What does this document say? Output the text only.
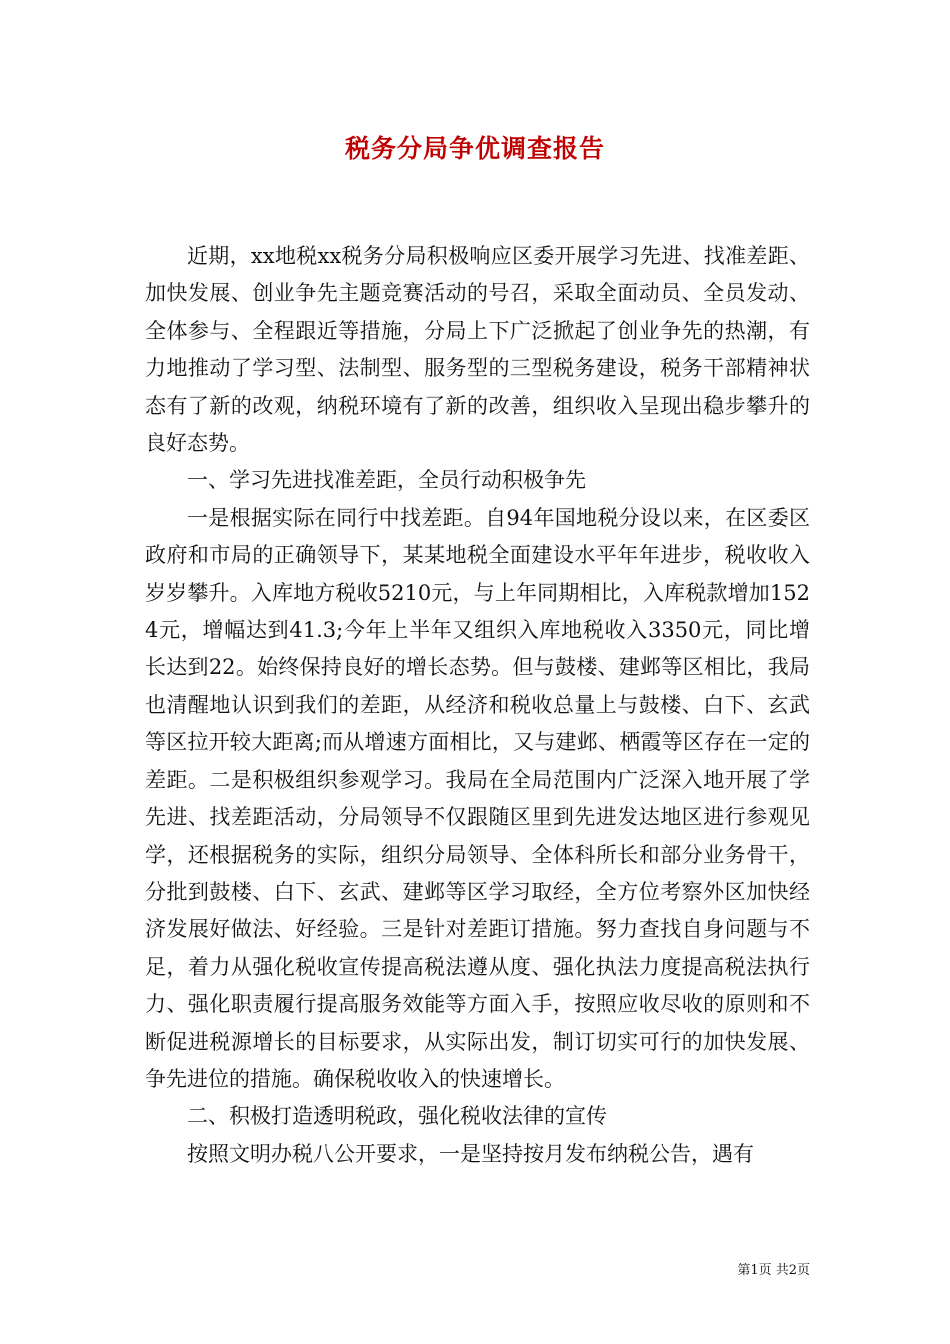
税务分局争优调查报告

近期，xx地税xx税务分局积极响应区委开展学习先进、找准差距、加快发展、创业争先主题竞赛活动的号召，采取全面动员、全员发动、全体参与、全程跟近等措施，分局上下广泛掀起了创业争先的热潮，有力地推动了学习型、法制型、服务型的三型税务建设，税务干部精神状态有了新的改观，纳税环境有了新的改善，组织收入呈现出稳步攀升的良好态势。

一、学习先进找准差距，全员行动积极争先

一是根据实际在同行中找差距。自94年国地税分设以来，在区委区政府和市局的正确领导下，某某地税全面建设水平年年进步，税收收入岁岁攀升。入库地方税收5210元，与上年同期相比，入库税款增加1524元，增幅达到41.3;今年上半年又组织入库地税收入3350元，同比增长达到22。始终保持良好的增长态势。但与鼓楼、建邺等区相比，我局也清醒地认识到我们的差距，从经济和税收总量上与鼓楼、白下、玄武等区拉开较大距离;而从增速方面相比，又与建邺、栖霞等区存在一定的差距。二是积极组织参观学习。我局在全局范围内广泛深入地开展了学先进、找差距活动，分局领导不仅跟随区里到先进发达地区进行参观见学，还根据税务的实际，组织分局领导、全体科所长和部分业务骨干，分批到鼓楼、白下、玄武、建邺等区学习取经，全方位考察外区加快经济发展好做法、好经验。三是针对差距订措施。努力查找自身问题与不足，着力从强化税收宣传提高税法遵从度、强化执法力度提高税法执行力、强化职责履行提高服务效能等方面入手，按照应收尽收的原则和不断促进税源增长的目标要求，从实际出发，制订切实可行的加快发展、争先进位的措施。确保税收收入的快速增长。

二、积极打造透明税政，强化税收法律的宣传

按照文明办税八公开要求，一是坚持按月发布纳税公告，遇有

第1页 共2页
